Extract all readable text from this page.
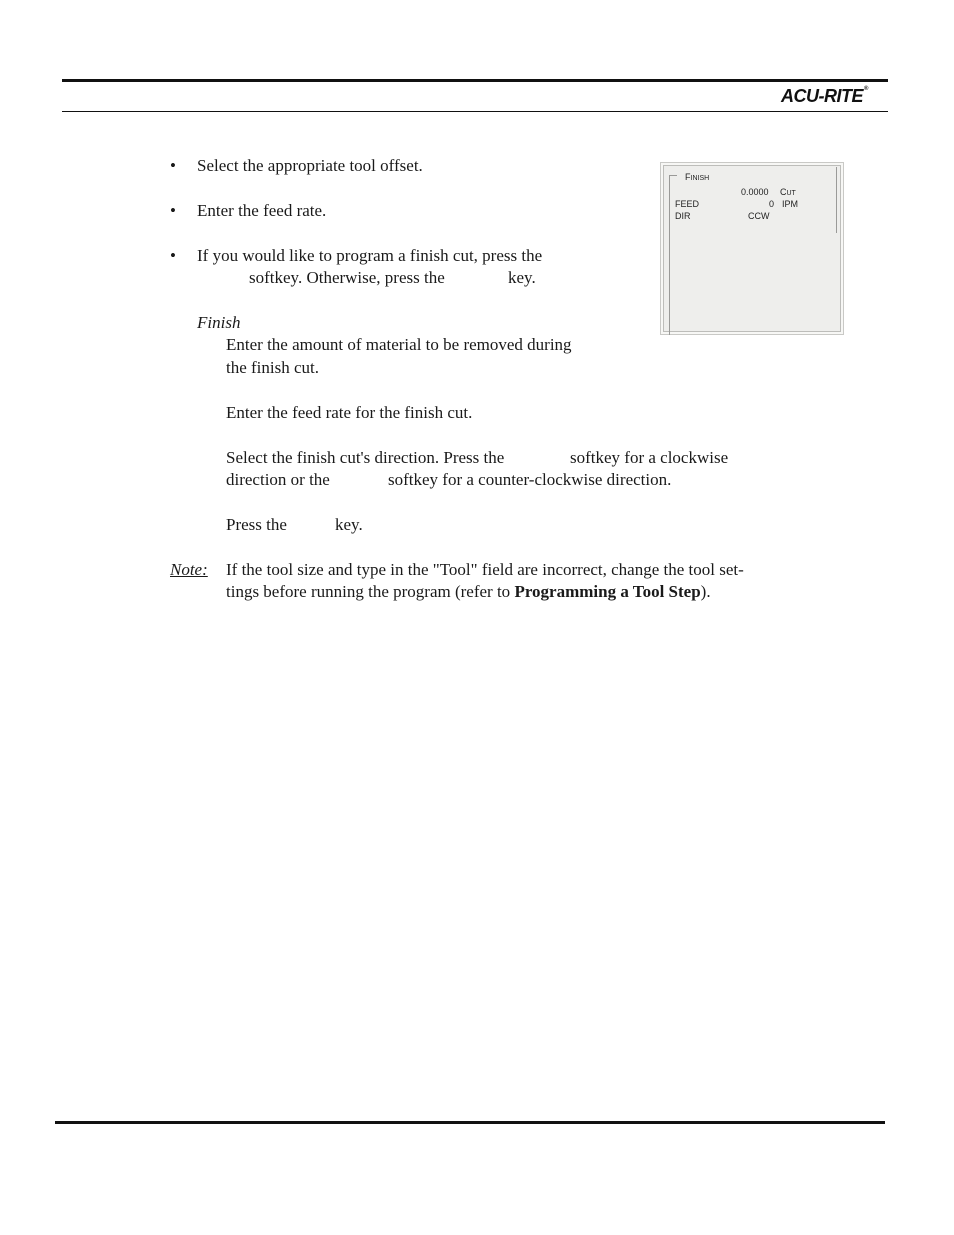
ACU-RITE®
• Select the appropriate tool offset.
• Enter the feed rate.
• If you would like to program a finish cut, press the
softkey. Otherwise, press the	key.
Finish
Enter the amount of material to be removed during
the finish cut.
Enter the feed rate for the finish cut.
Select the finish cut's direction. Press the	softkey for a clockwise
direction or the	softkey for a counter-clockwise direction.
Press the	key.
Note: If the tool size and type in the "Tool" field are incorrect, change the tool set-
tings before running the program (refer to Programming a Tool Step).
FINISH
0.0000 CUT
FEED	0 IPM
DIR	CCW
